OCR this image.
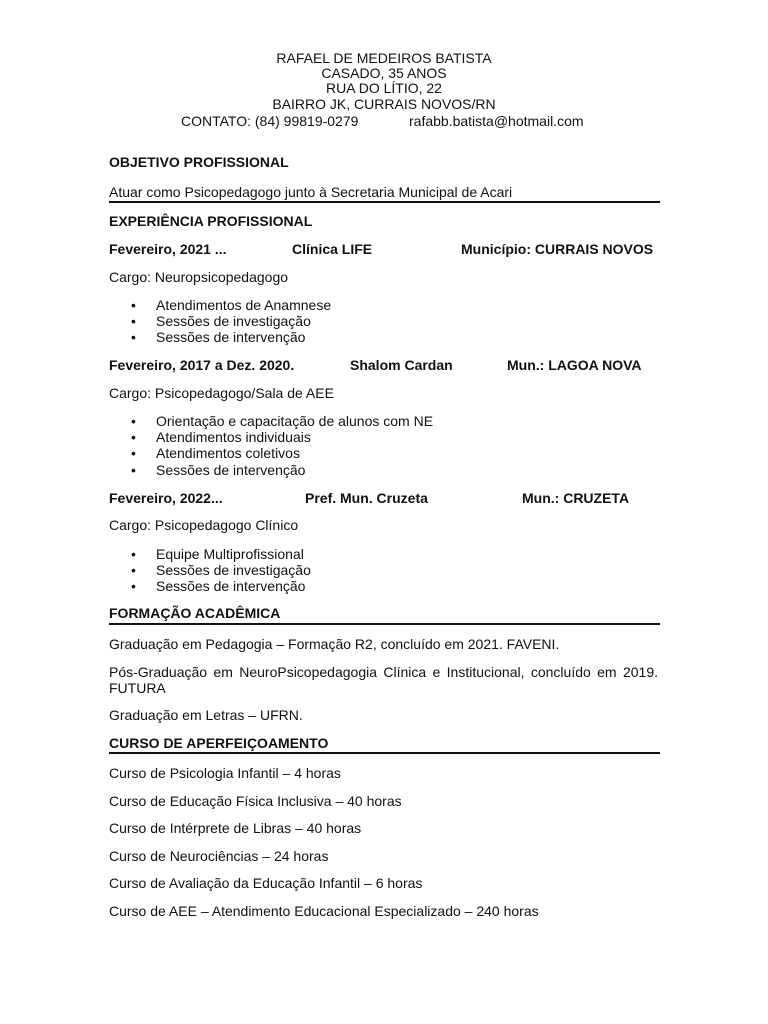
RAFAEL DE MEDEIROS BATISTA
CASADO, 35 ANOS
RUA DO LÍTIO, 22
BAIRRO JK, CURRAIS NOVOS/RN
CONTATO: (84) 99819-0279	rafabb.batista@hotmail.com
OBJETIVO PROFISSIONAL
Atuar como Psicopedagogo junto à Secretaria Municipal de Acari
EXPERIÊNCIA PROFISSIONAL
Fevereiro, 2021 ...	Clínica LIFE	Município: CURRAIS NOVOS
Cargo: Neuropsicopedagogo
• Atendimentos de Anamnese
• Sessões de investigação
• Sessões de intervenção
Fevereiro, 2017 a Dez. 2020.	Shalom Cardan	Mun.: LAGOA NOVA
Cargo: Psicopedagogo/Sala de AEE
• Orientação e capacitação de alunos com NE
• Atendimentos individuais
• Atendimentos coletivos
• Sessões de intervenção
Fevereiro, 2022...	Pref. Mun. Cruzeta	Mun.: CRUZETA
Cargo: Psicopedagogo Clínico
• Equipe Multiprofissional
• Sessões de investigação
• Sessões de intervenção
FORMAÇÃO ACADÊMICA
Graduação em Pedagogia – Formação R2, concluído em 2021. FAVENI.
Pós-Graduação em NeuroPsicopedagogia Clínica e Institucional, concluído em 2019. FUTURA
Graduação em Letras – UFRN.
CURSO DE APERFEIÇOAMENTO
Curso de Psicologia Infantil – 4 horas
Curso de Educação Física Inclusiva – 40 horas
Curso de Intérprete de Libras – 40 horas
Curso de Neurociências – 24 horas
Curso de Avaliação da Educação Infantil – 6 horas
Curso de AEE – Atendimento Educacional Especializado – 240 horas
